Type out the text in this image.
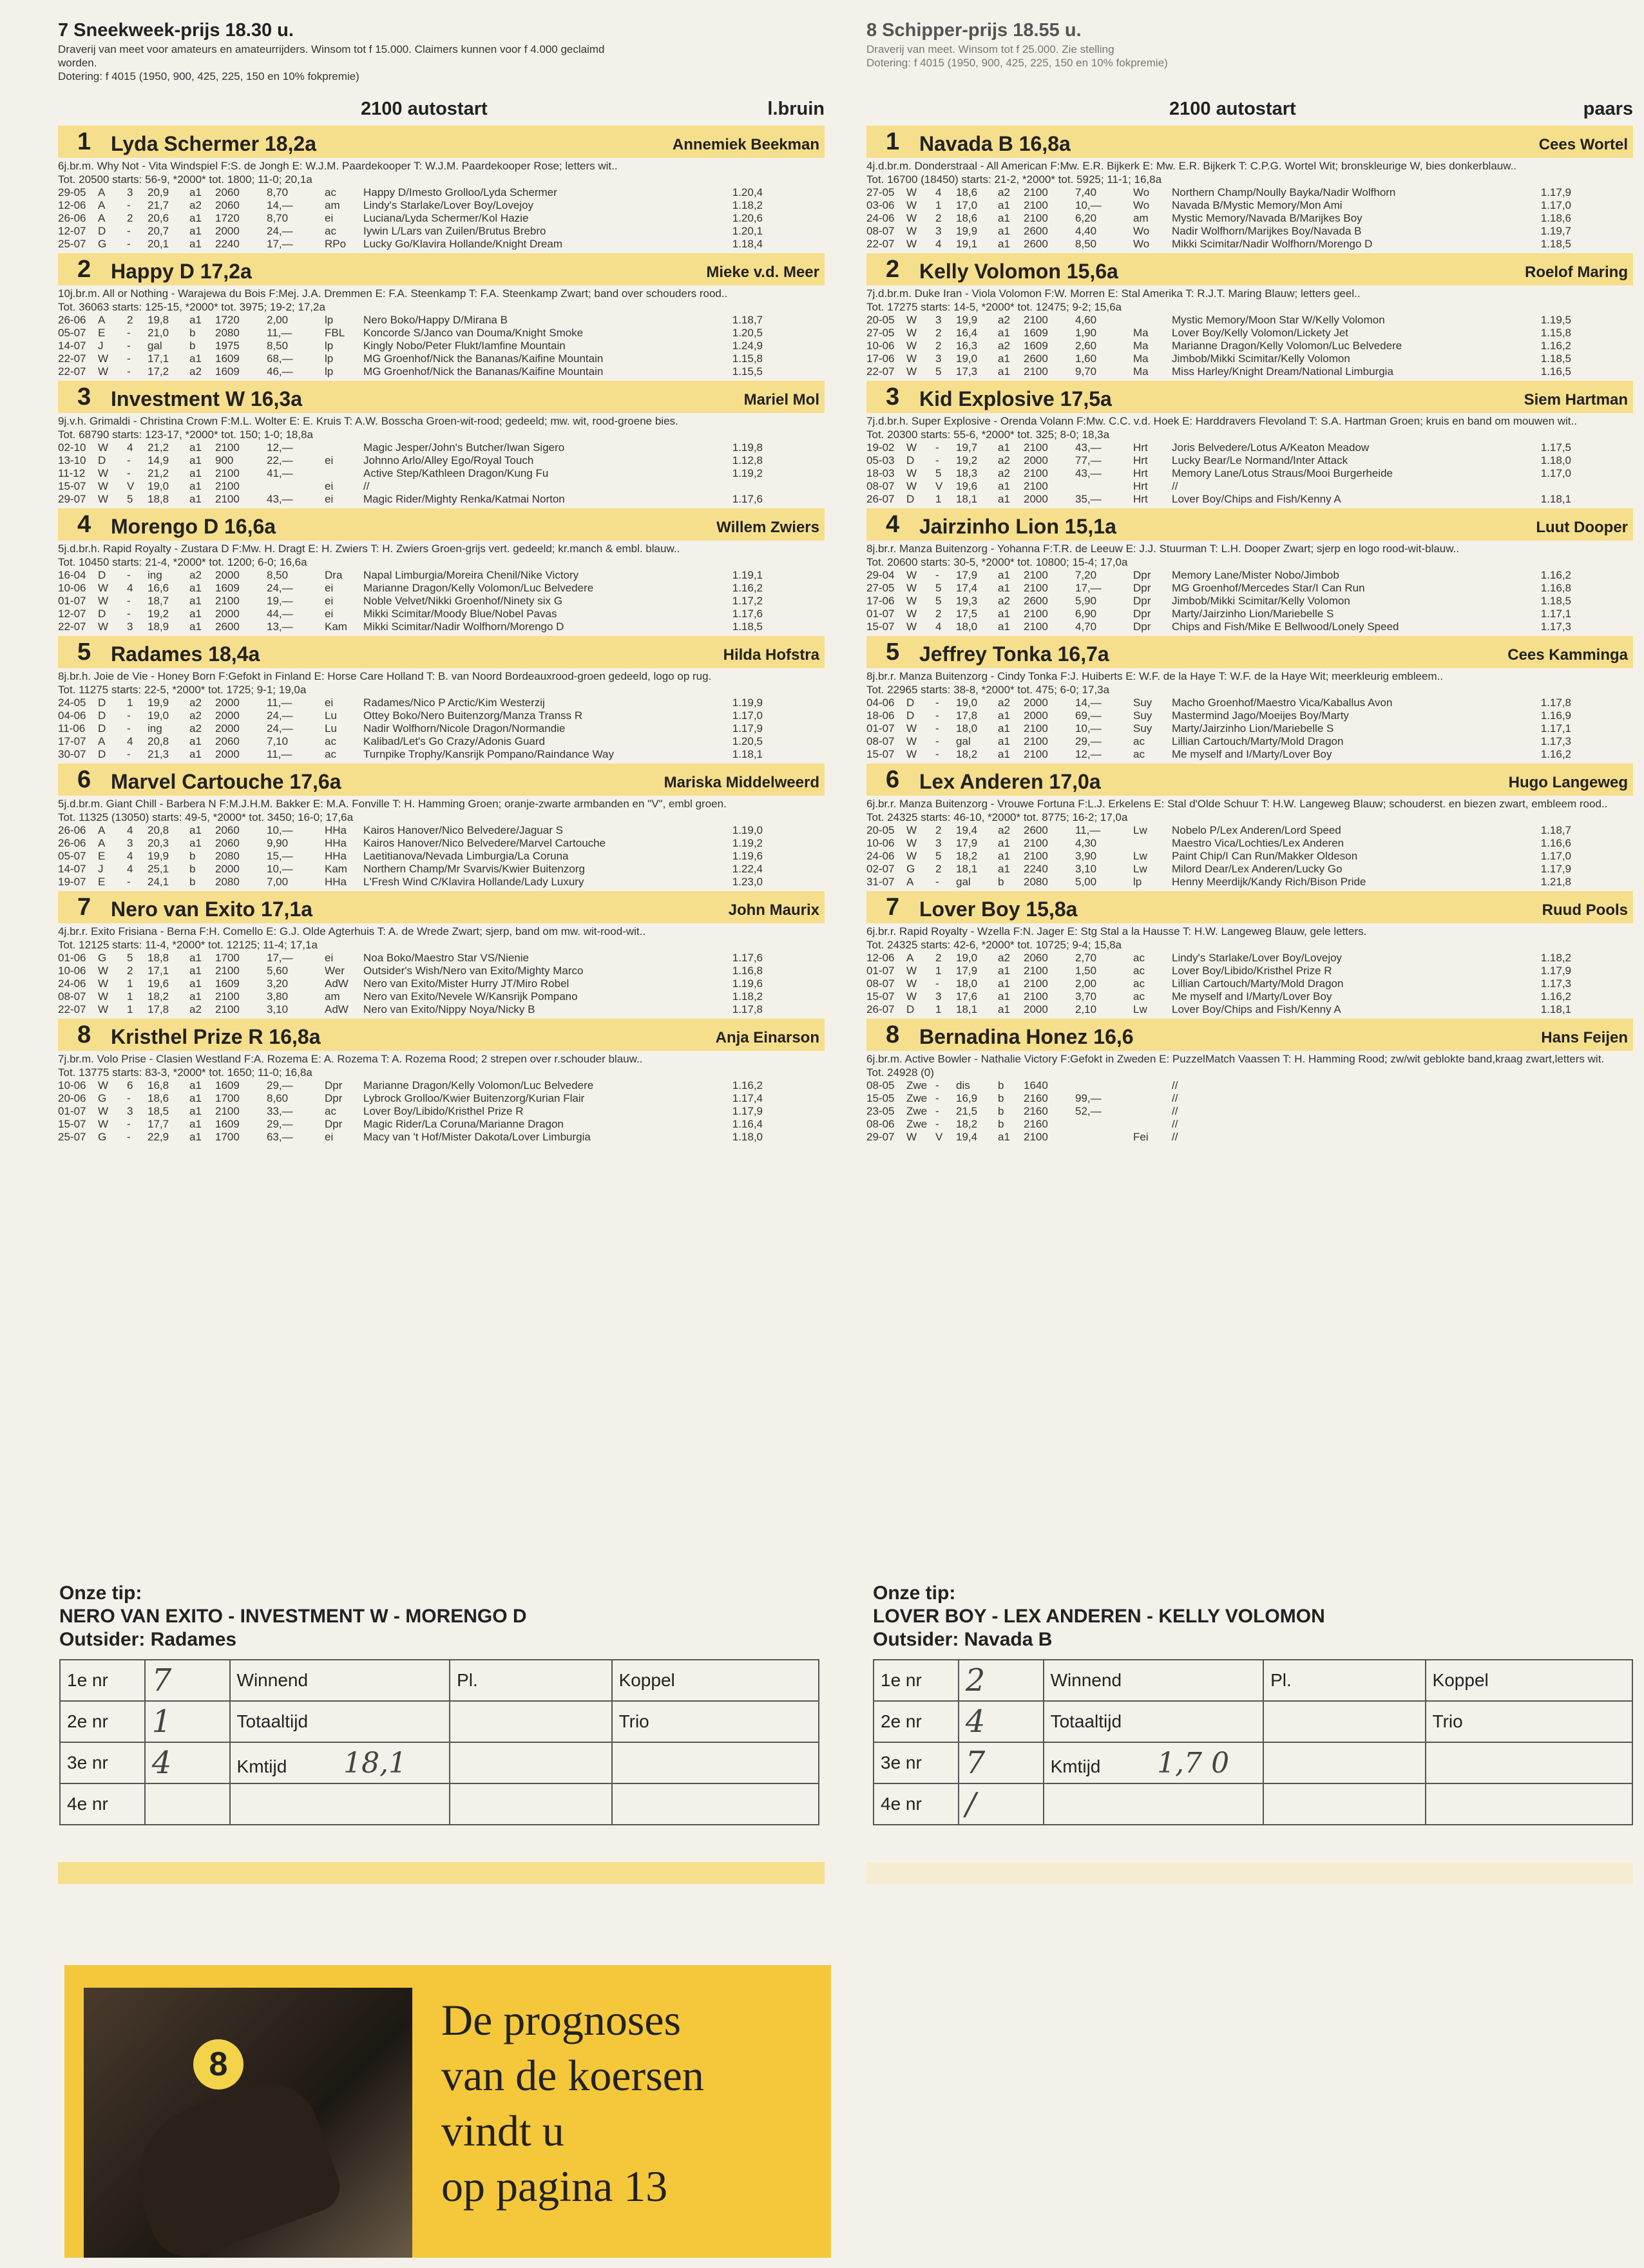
7 Sneekweek-prijs 18.30 u.

Draverij van meet voor amateurs en amateurrijders. Winsom tot f 15.000. Claimers kunnen voor f 4.000 geclaimd
worden.
Dotering: f 4015 (1950, 900, 425, 225, 150 en 10% fokpremie)

2100 autostart	l.bruin
1 Lyda Schermer 18,2a	Annemiek Beekman

6j.br.m. Why Not - Vita Windspiel F:S. de Jongh E: W.J.M. Paardekooper T: W.J.M. Paardekooper Rose; letters wit..

Tot. 20500 starts: 56-9, *2000* tot. 1800; 11-0; 20,1a
29-05	A	3	20,9	a1	2060	8,70	ac	Happy D/Imesto Grolloo/Lyda Schermer	1.20,4
12-06	A	-	21,7	a2	2060	14,—	am	Lindy's Starlake/Lover Boy/Lovejoy	1.18,2
26-06	A	2	20,6	a1	1720	8,70	ei	Luciana/Lyda Schermer/Kol Hazie	1.20,6
12-07	D	-	20,7	a1	2000	24,—	ac	Iywin L/Lars van Zuilen/Brutus Brebro	1.20,1
25-07	G	-	20,1	a1	2240	17,—	RPo	Lucky Go/Klavira Hollande/Knight Dream	1.18,4
2 Happy D 17,2a	Mieke v.d. Meer

10j.br.m. All or Nothing - Warajewa du Bois F:Mej. J.A. Dremmen E: F.A. Steenkamp T: F.A. Steenkamp Zwart; band over schouders rood..

Tot. 36063 starts: 125-15, *2000* tot. 3975; 19-2; 17,2a
26-06	A	2	19,8	a1	1720	2,00	lp	Nero Boko/Happy D/Mirana B	1.18,7
05-07	E	-	21,0	b	2080	11,—	FBL	Koncorde S/Janco van Douma/Knight Smoke	1.20,5
14-07	J	-	gal	b	1975	8,50	lp	Kingly Nobo/Peter Flukt/Iamfine Mountain	1.24,9
22-07	W	-	17,1	a1	1609	68,—	lp	MG Groenhof/Nick the Bananas/Kaifine Mountain	1.15,8
22-07	W	-	17,2	a2	1609	46,—	lp	MG Groenhof/Nick the Bananas/Kaifine Mountain	1.15,5
3 Investment W 16,3a	Mariel Mol

9j.v.h. Grimaldi - Christina Crown F:M.L. Wolter E: E. Kruis T: A.W. Bosscha Groen-wit-rood; gedeeld; mw. wit, rood-groene bies.

Tot. 68790 starts: 123-17, *2000* tot. 150; 1-0; 18,8a
02-10	W	4	21,2	a1	2100	12,—		Magic Jesper/John's Butcher/Iwan Sigero	1.19,8
13-10	D	-	14,9	a1	900	22,—	ei	Johnno Arlo/Alley Ego/Royal Touch	1.12,8
11-12	W	-	21,2	a1	2100	41,—		Active Step/Kathleen Dragon/Kung Fu	1.19,2
15-07	W	V	19,0	a1	2100		ei	//	
29-07	W	5	18,8	a1	2100	43,—	ei	Magic Rider/Mighty Renka/Katmai Norton	1.17,6
4 Morengo D 16,6a	Willem Zwiers

5j.d.br.h. Rapid Royalty - Zustara D F:Mw. H. Dragt E: H. Zwiers T: H. Zwiers Groen-grijs vert. gedeeld; kr.manch & embl. blauw..

Tot. 10450 starts: 21-4, *2000* tot. 1200; 6-0; 16,6a
16-04	D	-	ing	a2	2000	8,50	Dra	Napal Limburgia/Moreira Chenil/Nike Victory	1.19,1
10-06	W	4	16,6	a1	1609	24,—	ei	Marianne Dragon/Kelly Volomon/Luc Belvedere	1.16,2
01-07	W	-	18,7	a1	2100	19,—	ei	Noble Velvet/Nikki Groenhof/Ninety six G	1.17,2
12-07	D	-	19,2	a1	2000	44,—	ei	Mikki Scimitar/Moody Blue/Nobel Pavas	1.17,6
22-07	W	3	18,9	a1	2600	13,—	Kam	Mikki Scimitar/Nadir Wolfhorn/Morengo D	1.18,5
5 Radames 18,4a	Hilda Hofstra

8j.br.h. Joie de Vie - Honey Born F:Gefokt in Finland E: Horse Care Holland T: B. van Noord Bordeauxrood-groen gedeeld, logo op rug.

Tot. 11275 starts: 22-5, *2000* tot. 1725; 9-1; 19,0a
24-05	D	1	19,9	a2	2000	11,—	ei	Radames/Nico P Arctic/Kim Westerzij	1.19,9
04-06	D	-	19,0	a2	2000	24,—	Lu	Ottey Boko/Nero Buitenzorg/Manza Transs R	1.17,0
11-06	D	-	ing	a2	2000	24,—	Lu	Nadir Wolfhorn/Nicole Dragon/Normandie	1.17,9
17-07	A	4	20,8	a1	2060	7,10	ac	Kalibad/Let's Go Crazy/Adonis Guard	1.20,5
30-07	D	-	21,3	a1	2000	11,—	ac	Turnpike Trophy/Kansrijk Pompano/Raindance Way	1.18,1
6 Marvel Cartouche 17,6a	Mariska Middelweerd

5j.d.br.m. Giant Chill - Barbera N F:M.J.H.M. Bakker E: M.A. Fonville T: H. Hamming Groen; oranje-zwarte armbanden en "V", embl groen.

Tot. 11325 (13050) starts: 49-5, *2000* tot. 3450; 16-0; 17,6a
26-06	A	4	20,8	a1	2060	10,—	HHa	Kairos Hanover/Nico Belvedere/Jaguar S	1.19,0
26-06	A	3	20,3	a1	2060	9,90	HHa	Kairos Hanover/Nico Belvedere/Marvel Cartouche	1.19,2
05-07	E	4	19,9	b	2080	15,—	HHa	Laetitianova/Nevada Limburgia/La Coruna	1.19,6
14-07	J	4	25,1	b	2000	10,—	Kam	Northern Champ/Mr Svarvis/Kwier Buitenzorg	1.22,4
19-07	E	-	24,1	b	2080	7,00	HHa	L'Fresh Wind C/Klavira Hollande/Lady Luxury	1.23,0
7 Nero van Exito 17,1a	John Maurix

4j.br.r. Exito Frisiana - Berna F:H. Comello E: G.J. Olde Agterhuis T: A. de Wrede Zwart; sjerp, band om mw. wit-rood-wit..

Tot. 12125 starts: 11-4, *2000* tot. 12125; 11-4; 17,1a
01-06	G	5	18,8	a1	1700	17,—	ei	Noa Boko/Maestro Star VS/Nienie	1.17,6
10-06	W	2	17,1	a1	2100	5,60	Wer	Outsider's Wish/Nero van Exito/Mighty Marco	1.16,8
24-06	W	1	19,6	a1	1609	3,20	AdW	Nero van Exito/Mister Hurry JT/Miro Robel	1.19,6
08-07	W	1	18,2	a1	2100	3,80	am	Nero van Exito/Nevele W/Kansrijk Pompano	1.18,2
22-07	W	1	17,8	a2	2100	3,10	AdW	Nero van Exito/Nippy Noya/Nicky B	1.17,8
8 Kristhel Prize R 16,8a	Anja Einarson

7j.br.m. Volo Prise - Clasien Westland F:A. Rozema E: A. Rozema T: A. Rozema Rood; 2 strepen over r.schouder blauw..

Tot. 13775 starts: 83-3, *2000* tot. 1650; 11-0; 16,8a
10-06	W	6	16,8	a1	1609	29,—	Dpr	Marianne Dragon/Kelly Volomon/Luc Belvedere	1.16,2
20-06	G	-	18,6	a1	1700	8,60	Dpr	Lybrock Grolloo/Kwier Buitenzorg/Kurian Flair	1.17,4
01-07	W	3	18,5	a1	2100	33,—	ac	Lover Boy/Libido/Kristhel Prize R	1.17,9
15-07	W	-	17,7	a1	1609	29,—	Dpr	Magic Rider/La Coruna/Marianne Dragon	1.16,4
25-07	G	-	22,9	a1	1700	63,—	ei	Macy van 't Hof/Mister Dakota/Lover Limburgia	1.18,0

8 Schipper-prijs 18.55 u.

Draverij van meet. Winsom tot f 25.000. Zie stelling
Dotering: f 4015 (1950, 900, 425, 225, 150 en 10% fokpremie)

2100 autostart	paars
1 Navada B 16,8a	Cees Wortel

4j.d.br.m. Donderstraal - All American F:Mw. E.R. Bijkerk E: Mw. E.R. Bijkerk T: C.P.G. Wortel Wit; bronskleurige W, bies donkerblauw..

Tot. 16700 (18450) starts: 21-2, *2000* tot. 5925; 11-1; 16,8a
27-05	W	4	18,6	a2	2100	7,40	Wo	Northern Champ/Noully Bayka/Nadir Wolfhorn	1.17,9
03-06	W	1	17,0	a1	2100	10,—	Wo	Navada B/Mystic Memory/Mon Ami	1.17,0
24-06	W	2	18,6	a1	2100	6,20	am	Mystic Memory/Navada B/Marijkes Boy	1.18,6
08-07	W	3	19,9	a1	2600	4,40	Wo	Nadir Wolfhorn/Marijkes Boy/Navada B	1.19,7
22-07	W	4	19,1	a1	2600	8,50	Wo	Mikki Scimitar/Nadir Wolfhorn/Morengo D	1.18,5
2 Kelly Volomon 15,6a	Roelof Maring

7j.d.br.m. Duke Iran - Viola Volomon F:W. Morren E: Stal Amerika T: R.J.T. Maring Blauw; letters geel..

Tot. 17275 starts: 14-5, *2000* tot. 12475; 9-2; 15,6a
20-05	W	3	19,9	a2	2100	4,60		Mystic Memory/Moon Star W/Kelly Volomon	1.19,5
27-05	W	2	16,4	a1	1609	1,90	Ma	Lover Boy/Kelly Volomon/Lickety Jet	1.15,8
10-06	W	2	16,3	a2	1609	2,60	Ma	Marianne Dragon/Kelly Volomon/Luc Belvedere	1.16,2
17-06	W	3	19,0	a1	2600	1,60	Ma	Jimbob/Mikki Scimitar/Kelly Volomon	1.18,5
22-07	W	5	17,3	a1	2100	9,70	Ma	Miss Harley/Knight Dream/National Limburgia	1.16,5
3 Kid Explosive 17,5a	Siem Hartman

7j.d.br.h. Super Explosive - Orenda Volann F:Mw. C.C. v.d. Hoek E: Harddravers Flevoland T: S.A. Hartman Groen; kruis en band om mouwen wit..

Tot. 20300 starts: 55-6, *2000* tot. 325; 8-0; 18,3a
19-02	W	-	19,7	a1	2100	43,—	Hrt	Joris Belvedere/Lotus A/Keaton Meadow	1.17,5
05-03	D	-	19,2	a2	2000	77,—	Hrt	Lucky Bear/Le Normand/Inter Attack	1.18,0
18-03	W	5	18,3	a2	2100	43,—	Hrt	Memory Lane/Lotus Straus/Mooi Burgerheide	1.17,0
08-07	W	V	19,6	a1	2100		Hrt	//	
26-07	D	1	18,1	a1	2000	35,—	Hrt	Lover Boy/Chips and Fish/Kenny A	1.18,1
4 Jairzinho Lion 15,1a	Luut Dooper

8j.br.r. Manza Buitenzorg - Yohanna F:T.R. de Leeuw E: J.J. Stuurman T: L.H. Dooper Zwart; sjerp en logo rood-wit-blauw..

Tot. 20600 starts: 30-5, *2000* tot. 10800; 15-4; 17,0a
29-04	W	-	17,9	a1	2100	7,20	Dpr	Memory Lane/Mister Nobo/Jimbob	1.16,2
27-05	W	5	17,4	a1	2100	17,—	Dpr	MG Groenhof/Mercedes Star/I Can Run	1.16,8
17-06	W	5	19,3	a2	2600	5,90	Dpr	Jimbob/Mikki Scimitar/Kelly Volomon	1.18,5
01-07	W	2	17,5	a1	2100	6,90	Dpr	Marty/Jairzinho Lion/Mariebelle S	1.17,1
15-07	W	4	18,0	a1	2100	4,70	Dpr	Chips and Fish/Mike E Bellwood/Lonely Speed	1.17,3
5 Jeffrey Tonka 16,7a	Cees Kamminga

8j.br.r. Manza Buitenzorg - Cindy Tonka F:J. Huiberts E: W.F. de la Haye T: W.F. de la Haye Wit; meerkleurig embleem..

Tot. 22965 starts: 38-8, *2000* tot. 475; 6-0; 17,3a
04-06	D	-	19,0	a2	2000	14,—	Suy	Macho Groenhof/Maestro Vica/Kaballus Avon	1.17,8
18-06	D	-	17,8	a1	2000	69,—	Suy	Mastermind Jago/Moeijes Boy/Marty	1.16,9
01-07	W	-	18,0	a1	2100	10,—	Suy	Marty/Jairzinho Lion/Mariebelle S	1.17,1
08-07	W	-	gal	a1	2100	29,—	ac	Lillian Cartouch/Marty/Mold Dragon	1.17,3
15-07	W	-	18,2	a1	2100	12,—	ac	Me myself and I/Marty/Lover Boy	1.16,2
6 Lex Anderen 17,0a	Hugo Langeweg

6j.br.r. Manza Buitenzorg - Vrouwe Fortuna F:L.J. Erkelens E: Stal d'Olde Schuur T: H.W. Langeweg Blauw; schouderst. en biezen zwart, embleem rood..

Tot. 24325 starts: 46-10, *2000* tot. 8775; 16-2; 17,0a
20-05	W	2	19,4	a2	2600	11,—	Lw	Nobelo P/Lex Anderen/Lord Speed	1.18,7
10-06	W	3	17,9	a1	2100	4,30		Maestro Vica/Lochties/Lex Anderen	1.16,6
24-06	W	5	18,2	a1	2100	3,90	Lw	Paint Chip/I Can Run/Makker Oldeson	1.17,0
02-07	G	2	18,1	a1	2240	3,10	Lw	Milord Dear/Lex Anderen/Lucky Go	1.17,9
31-07	A	-	gal	b	2080	5,00	lp	Henny Meerdijk/Kandy Rich/Bison Pride	1.21,8
7 Lover Boy 15,8a	Ruud Pools

6j.br.r. Rapid Royalty - Wzella F:N. Jager E: Stg Stal a la Hausse T: H.W. Langeweg Blauw, gele letters.

Tot. 24325 starts: 42-6, *2000* tot. 10725; 9-4; 15,8a
12-06	A	2	19,0	a2	2060	2,70	ac	Lindy's Starlake/Lover Boy/Lovejoy	1.18,2
01-07	W	1	17,9	a1	2100	1,50	ac	Lover Boy/Libido/Kristhel Prize R	1.17,9
08-07	W	-	18,0	a1	2100	2,00	ac	Lillian Cartouch/Marty/Mold Dragon	1.17,3
15-07	W	3	17,6	a1	2100	3,70	ac	Me myself and I/Marty/Lover Boy	1.16,2
26-07	D	1	18,1	a1	2000	2,10	Lw	Lover Boy/Chips and Fish/Kenny A	1.18,1
8 Bernadina Honez 16,6	Hans Feijen

6j.br.m. Active Bowler - Nathalie Victory F:Gefokt in Zweden E: PuzzelMatch Vaassen T: H. Hamming Rood; zw/wit geblokte band,kraag zwart,letters wit.

Tot. 24928 (0)
08-05	Zwe	-	dis	b	1640			//	
15-05	Zwe	-	16,9	b	2160	99,—		//	
23-05	Zwe	-	21,5	b	2160	52,—		//	
08-06	Zwe	-	18,2	b	2160			//	
29-07	W	V	19,4	a1	2100		Fei	//	
Onze tip:
NERO VAN EXITO - INVESTMENT W - MORENGO D
Outsider: Radames
1e nr	7	Winnend	Pl.	Koppel
2e nr	1	Totaaltijd		Trio
3e nr	4	Kmtijd 18,1		
4e nr				
Onze tip:
LOVER BOY - LEX ANDEREN - KELLY VOLOMON
Outsider: Navada B
1e nr	2	Winnend	Pl.	Koppel
2e nr	4	Totaaltijd		Trio
3e nr	7	Kmtijd 1,7 0		
4e nr	/			
8
De prognoses
van de koersen
vindt u
op pagina 13
